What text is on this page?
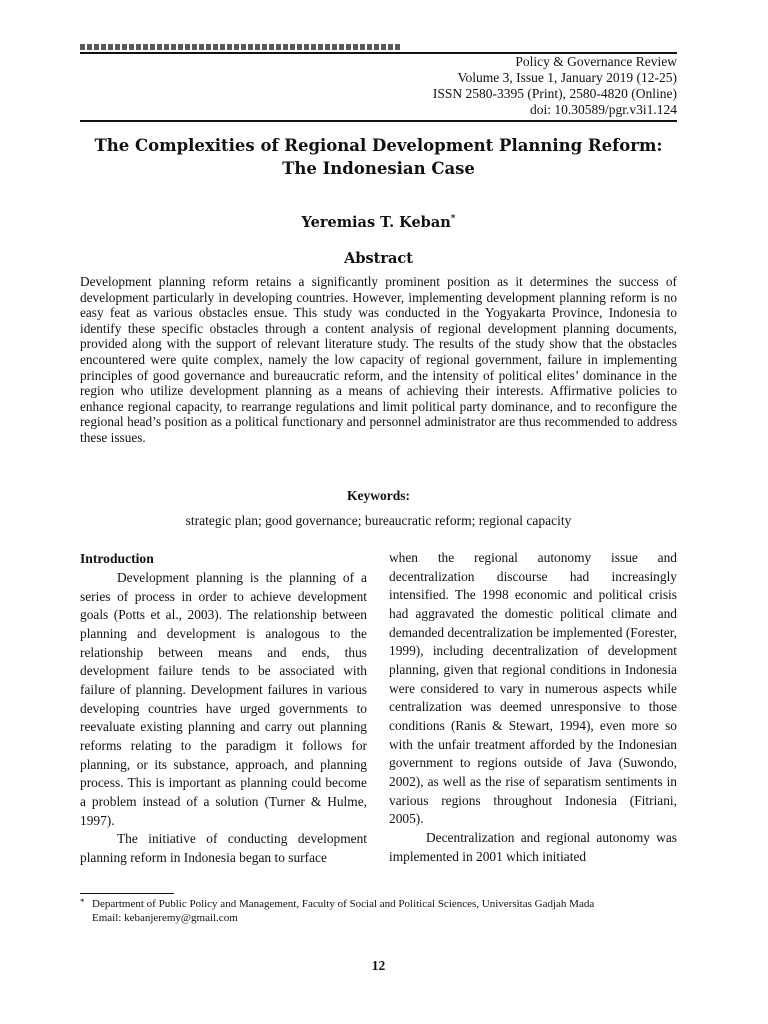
Policy & Governance Review
Volume 3, Issue 1, January 2019 (12-25)
ISSN 2580-3395 (Print), 2580-4820 (Online)
doi: 10.30589/pgr.v3i1.124
The Complexities of Regional Development Planning Reform:
The Indonesian Case
Yeremias T. Keban*
Abstract
Development planning reform retains a significantly prominent position as it determines the success of development particularly in developing countries. However, implementing development planning reform is no easy feat as various obstacles ensue. This study was conducted in the Yogyakarta Province, Indonesia to identify these specific obstacles through a content analysis of regional development planning documents, provided along with the support of relevant literature study. The results of the study show that the obstacles encountered were quite complex, namely the low capacity of regional government, failure in implementing principles of good governance and bureaucratic reform, and the intensity of political elites’ dominance in the region who utilize development planning as a means of achieving their interests. Affirmative policies to enhance regional capacity, to rearrange regulations and limit political party dominance, and to reconfigure the regional head’s position as a political functionary and personnel administrator are thus recommended to address these issues.
Keywords:
strategic plan; good governance; bureaucratic reform; regional capacity

Introduction

Development planning is the planning of a series of process in order to achieve development goals (Potts et al., 2003). The relationship between planning and development is analogous to the relationship between means and ends, thus development failure tends to be associated with failure of planning. Development failures in various developing countries have urged governments to reevaluate existing planning and carry out planning reforms relating to the paradigm it follows for planning, or its substance, approach, and planning process. This is important as planning could become a problem instead of a solution (Turner & Hulme, 1997).

The initiative of conducting development planning reform in Indonesia began to surface

when the regional autonomy issue and decentralization discourse had increasingly intensified. The 1998 economic and political crisis had aggravated the domestic political climate and demanded decentralization be implemented (Forester, 1999), including decentralization of development planning, given that regional conditions in Indonesia were considered to vary in numerous aspects while centralization was deemed unresponsive to those conditions (Ranis & Stewart, 1994), even more so with the unfair treatment afforded by the Indonesian government to regions outside of Java (Suwondo, 2002), as well as the rise of separatism sentiments in various regions throughout Indonesia (Fitriani, 2005).

Decentralization and regional autonomy was implemented in 2001 which initiated

* Department of Public Policy and Management, Faculty of Social and Political Sciences, Universitas Gadjah Mada
Email: kebanjeremy@gmail.com
12
